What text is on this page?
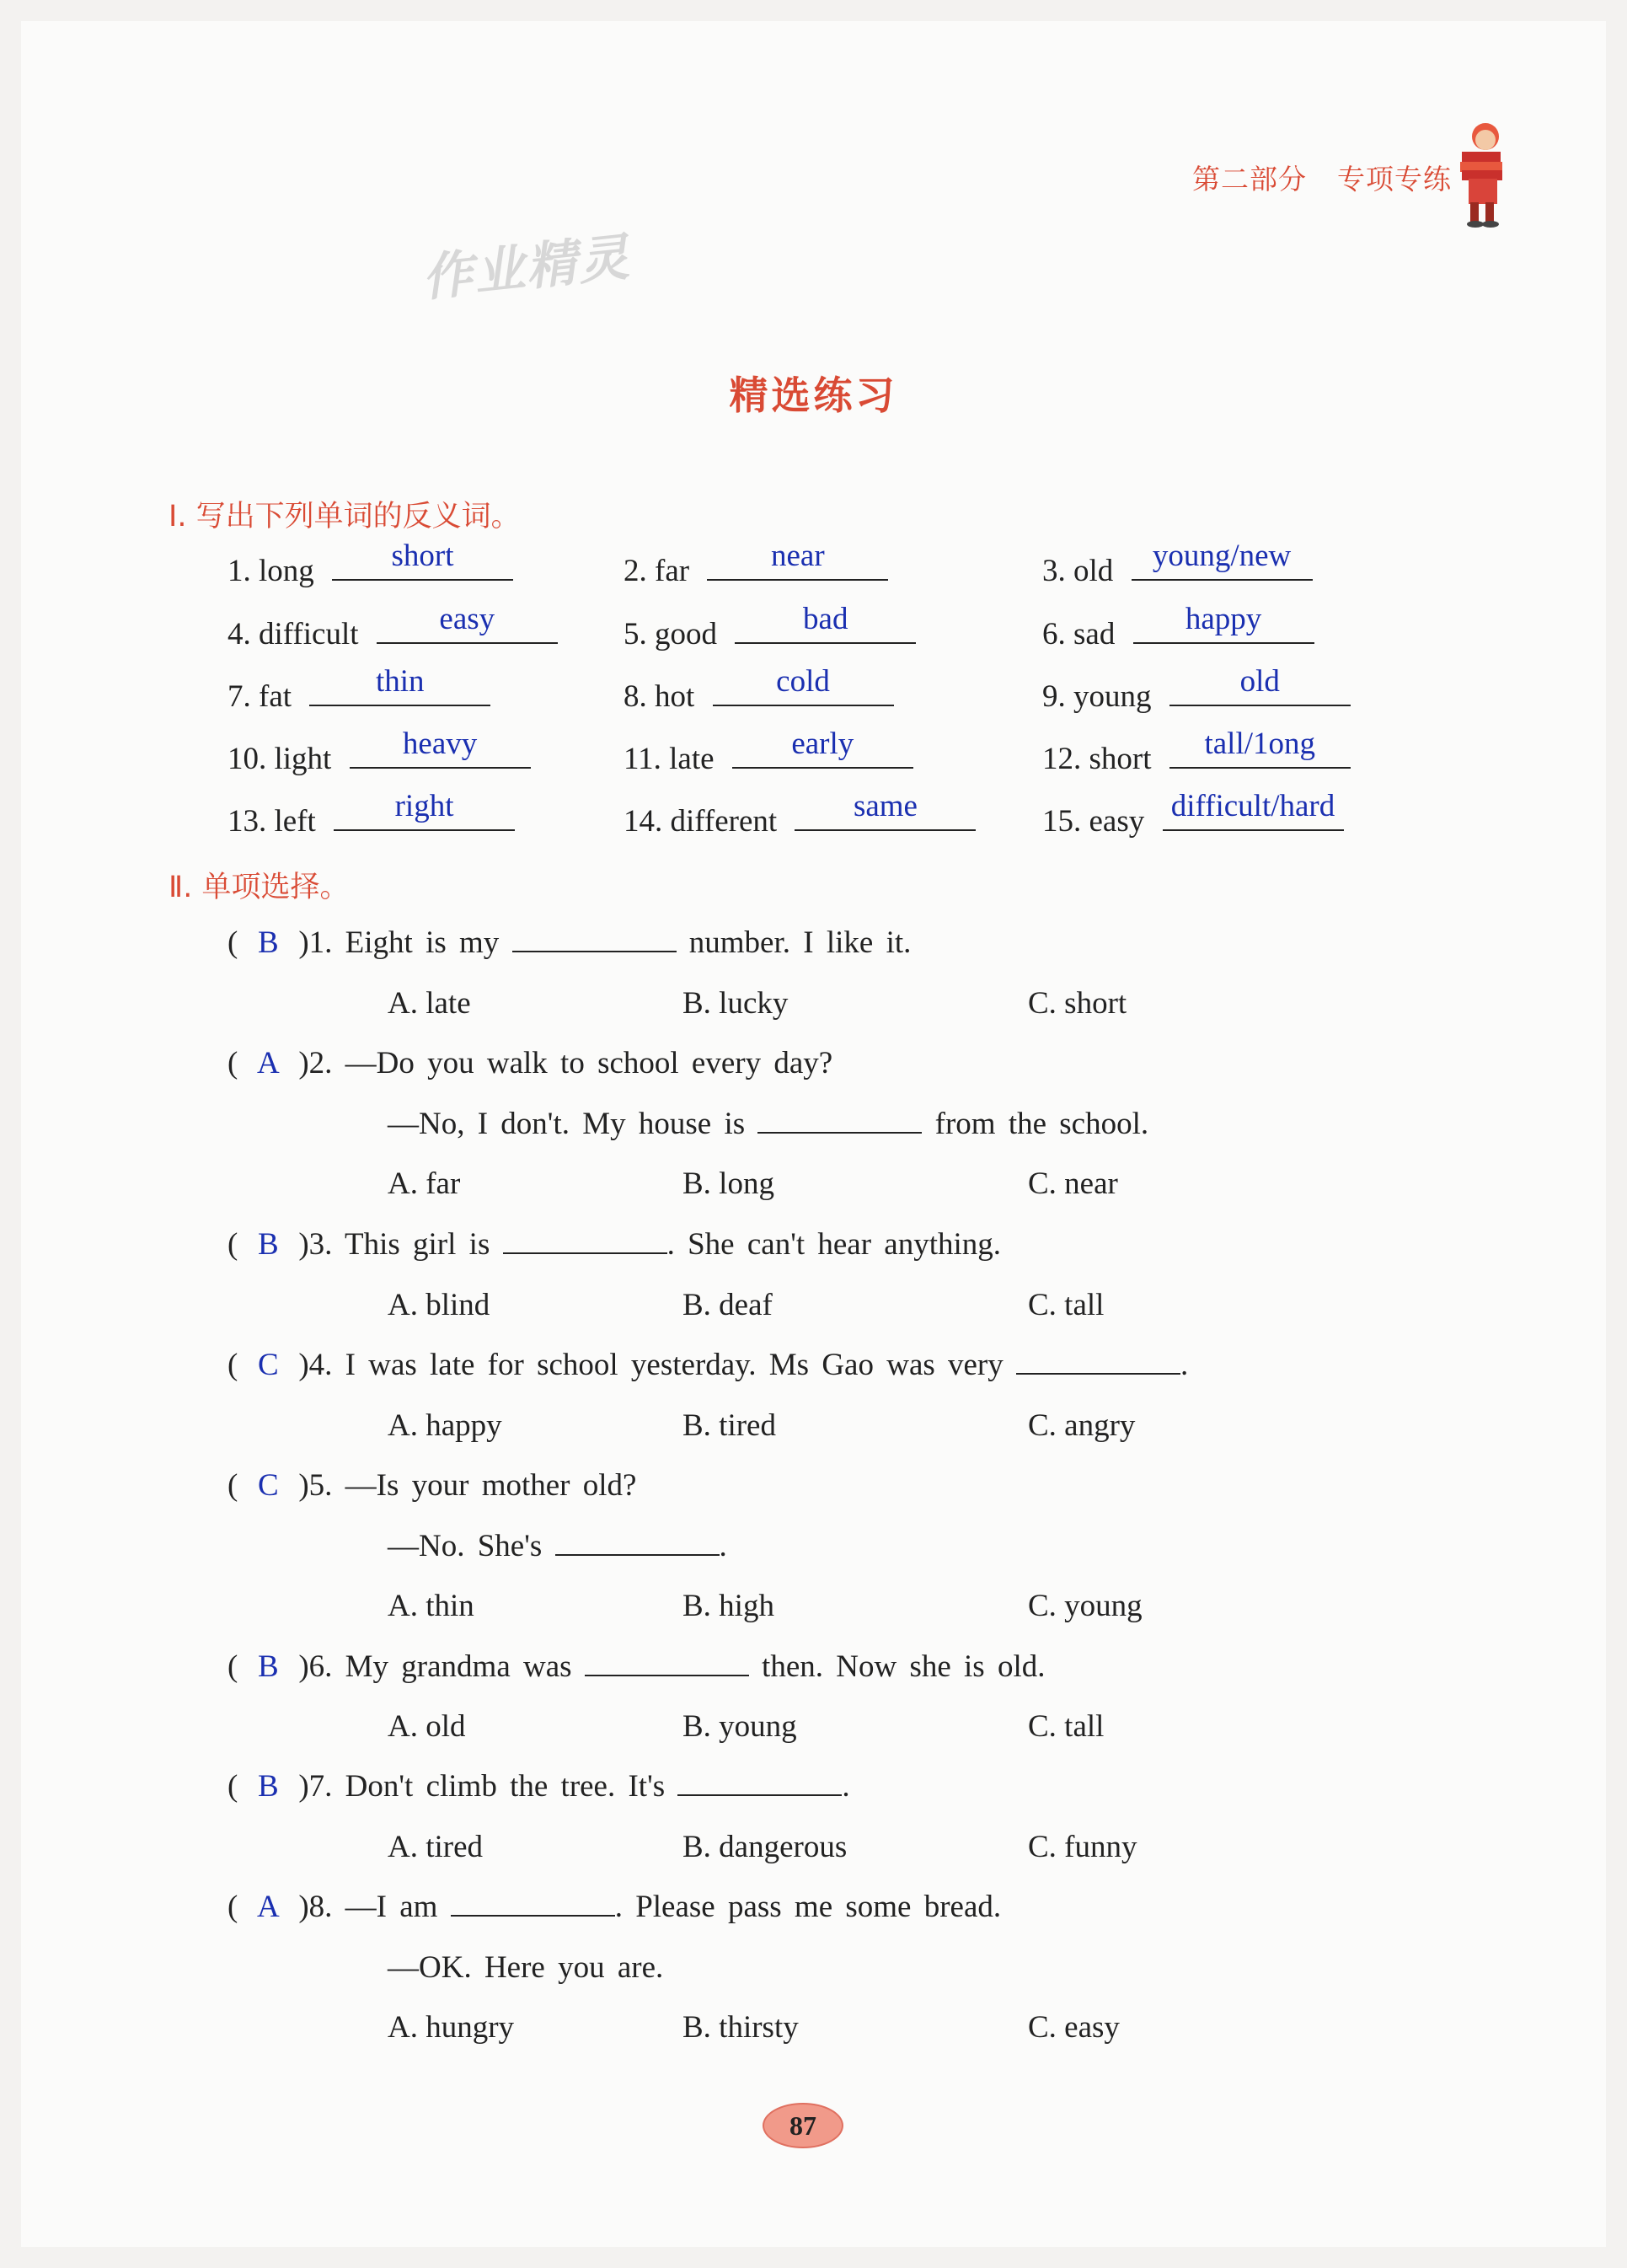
第二部分 专项专练
作业精灵
精选练习
Ⅰ. 写出下列单词的反义词。
1. long	short	2. far	near	3. old	young/new
4. difficult	easy	5. good	bad	6. sad	happy
7. fat	thin	8. hot	cold	9. young	old
10. light	heavy	11. late	early	12. short	tall/1ong
13. left	right	14. different	same	15. easy difficult/hard
Ⅱ. 单项选择。
( B )1. Eight is my	number. I like it.
A. late	B. lucky	C. short
( A )2. —Do you walk to school every day?
—No, I don't. My house is	from the school.
A. far	B. long	C. near
( B )3. This girl is	. She can't hear anything.
A. blind	B. deaf	C. tall
( C )4. I was late for school yesterday. Ms Gao was very	.
A. happy	B. tired	C. angry
( C )5. —Is your mother old?
—No. She's	.
A. thin	B. high	C. young
( B )6. My grandma was	then. Now she is old.
A. old	B. young	C. tall
( B )7. Don't climb the tree. It's	.
A. tired	B. dangerous	C. funny
( A )8. —I am	. Please pass me some bread.
—OK. Here you are.
A. hungry	B. thirsty	C. easy
87
